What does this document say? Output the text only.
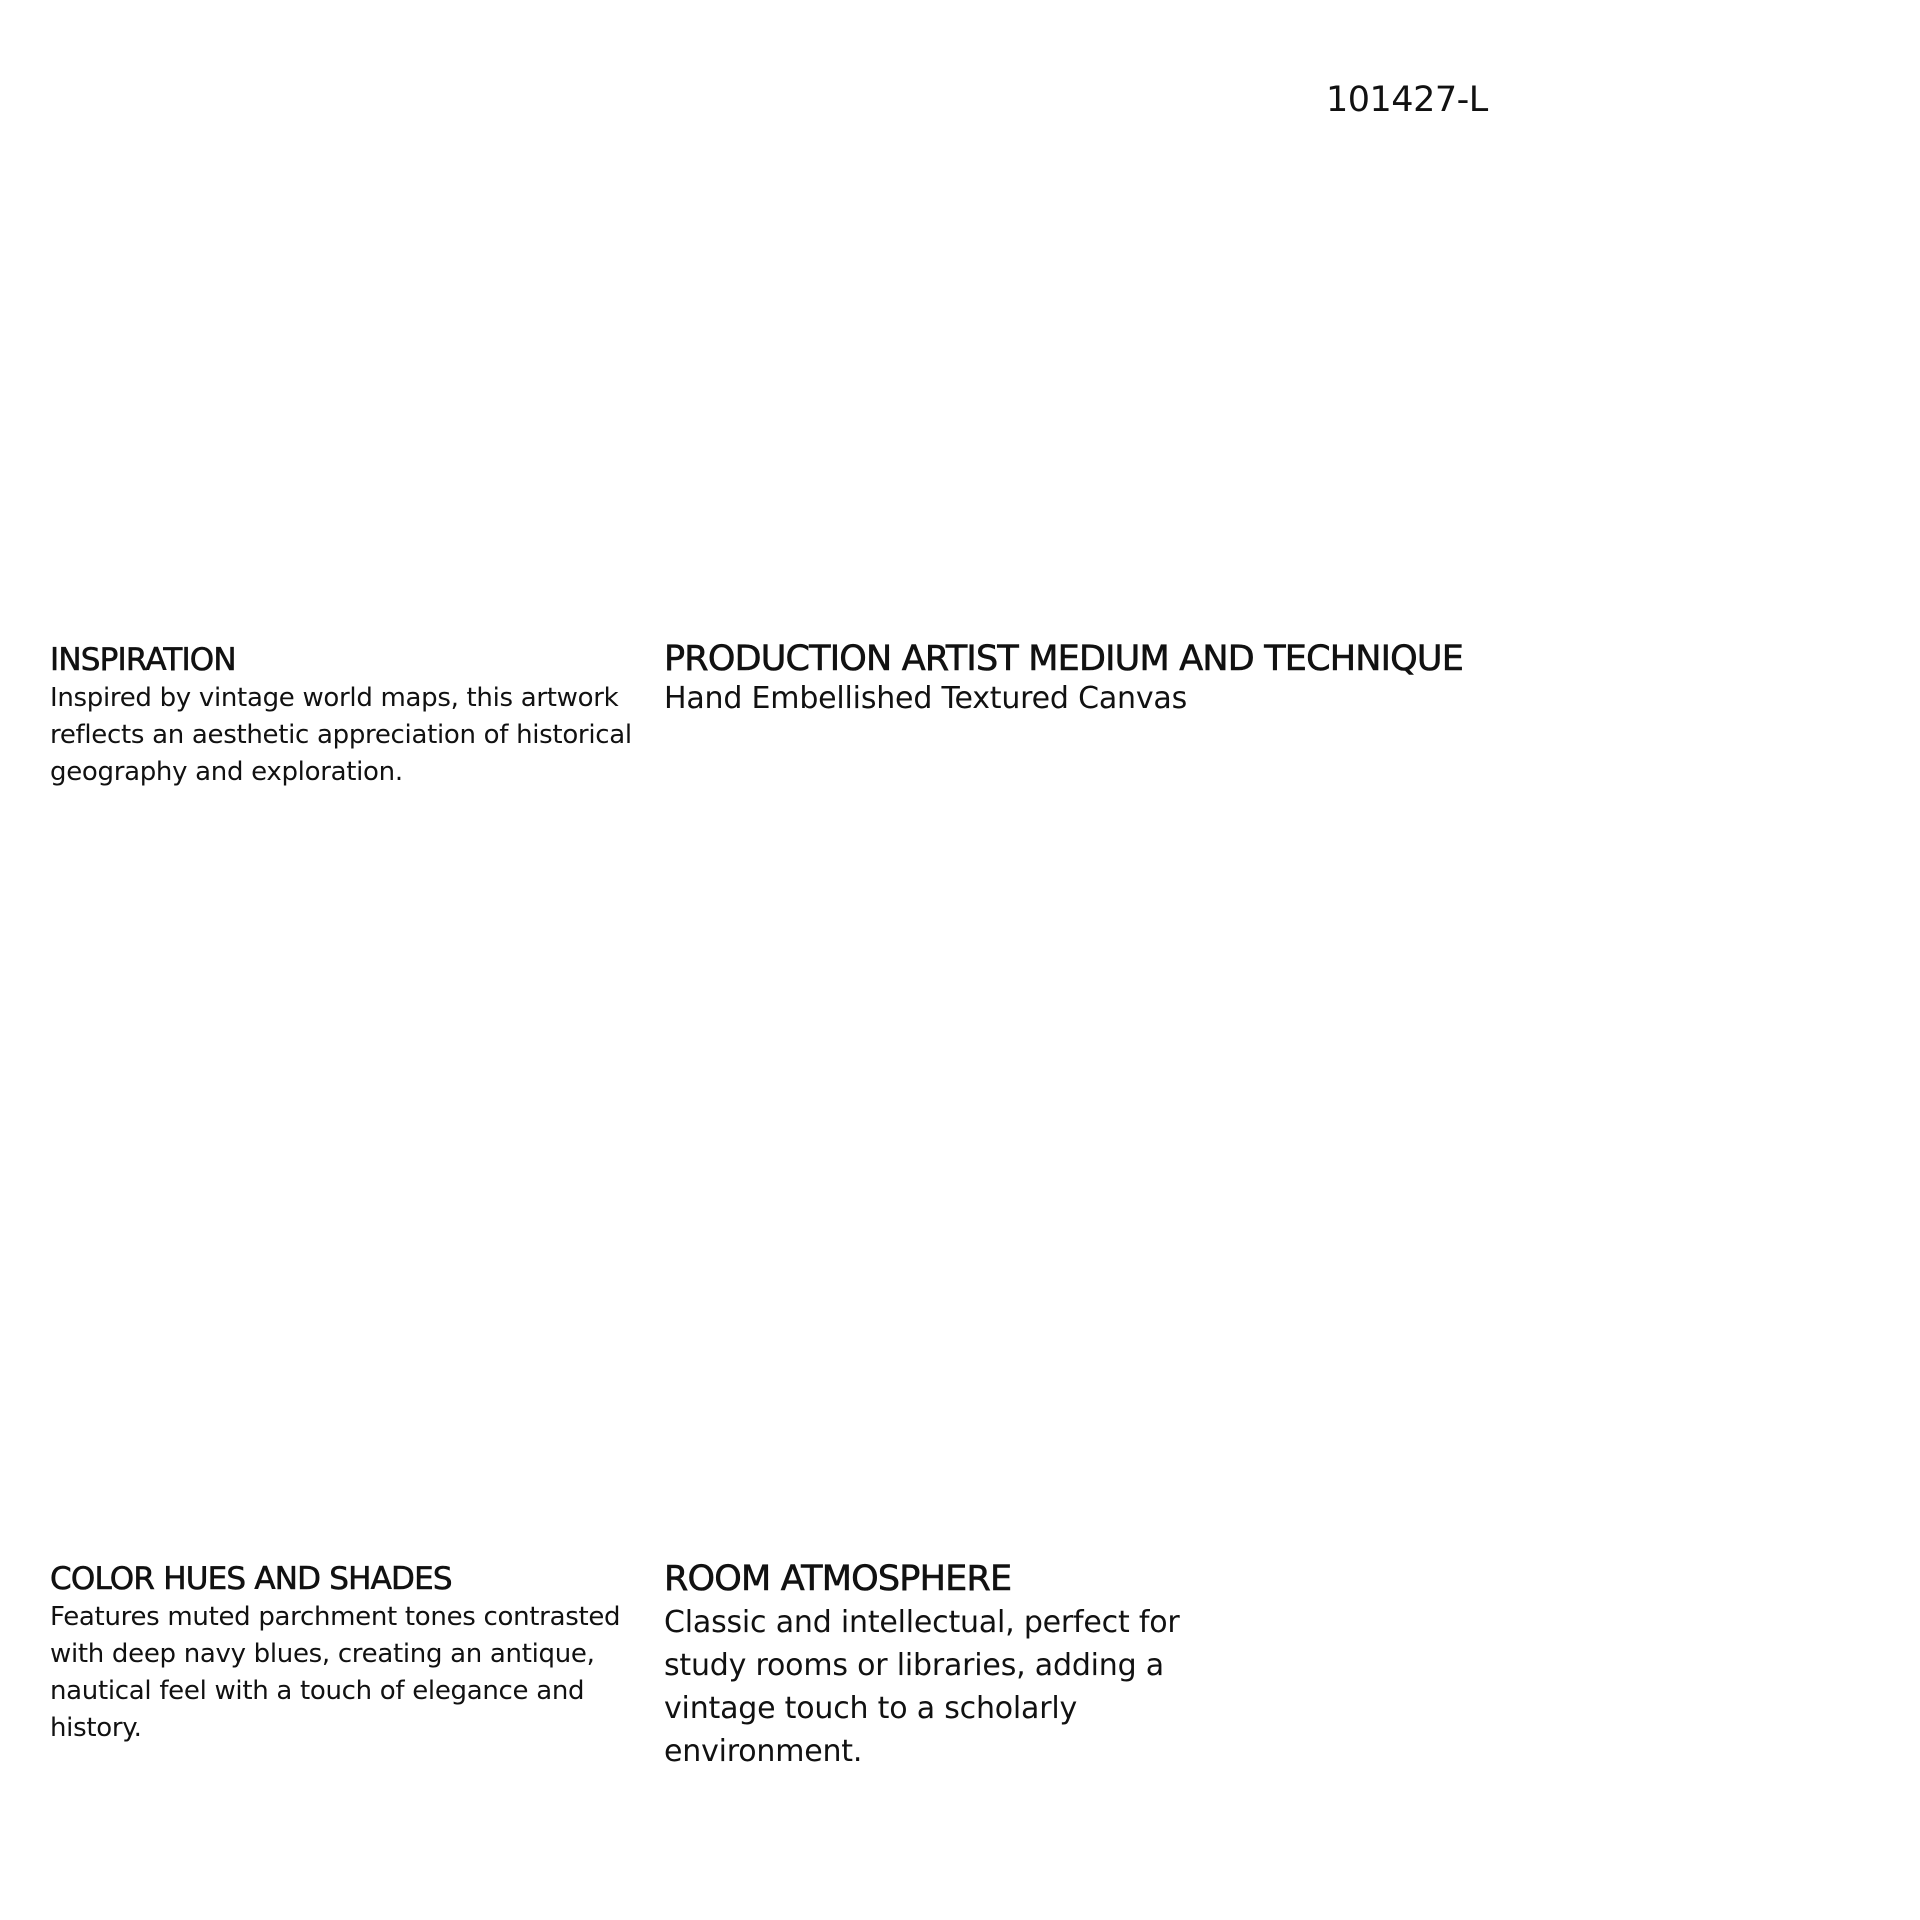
101427-L
INSPIRATION

Inspired by vintage world maps, this artwork reflects an aesthetic appreciation of historical geography and exploration.

PRODUCTION ARTIST MEDIUM AND TECHNIQUE

Hand Embellished Textured Canvas

COLOR HUES AND SHADES

Features muted parchment tones contrasted with deep navy blues, creating an antique, nautical feel with a touch of elegance and history.

ROOM ATMOSPHERE

Classic and intellectual, perfect for study rooms or libraries, adding a vintage touch to a scholarly environment.
